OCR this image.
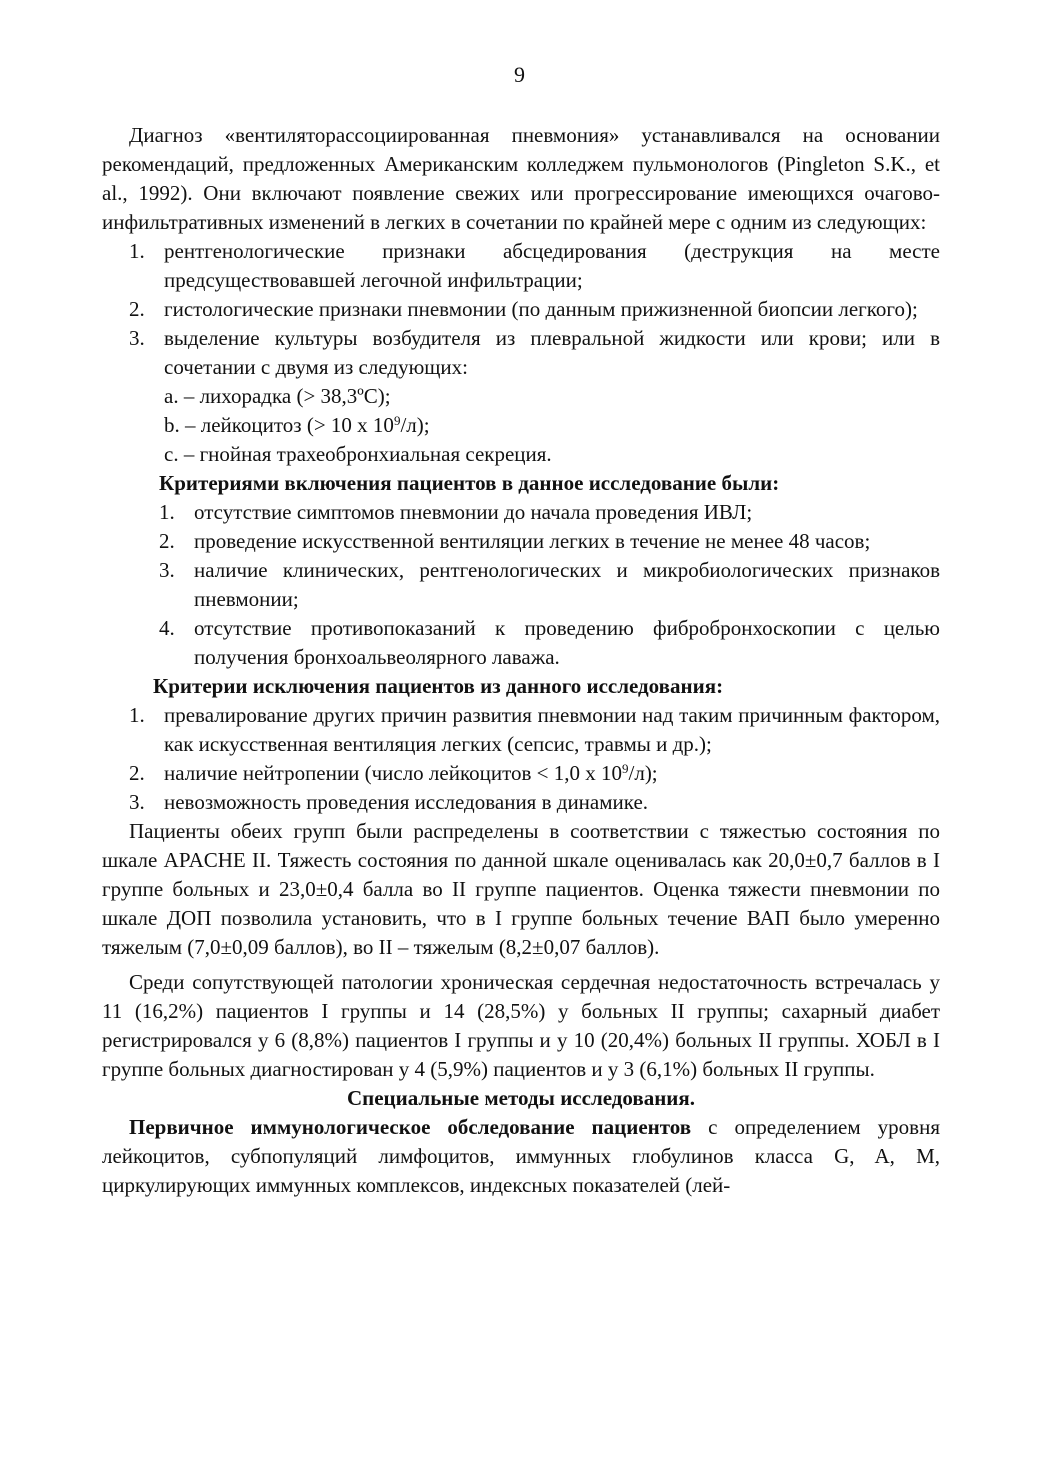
9

Диагноз «вентиляторассоциированная пневмония» устанавливался на основании рекомендаций, предложенных Американским колледжем пульмонологов (Pingleton S.K., et al., 1992). Они включают появление свежих или прогрессирование имеющихся очагово-инфильтративных изменений в легких в сочетании по крайней мере с одним из следующих:

1. рентгенологические признаки абсцедирования (деструкция на месте предсуществовавшей легочной инфильтрации;
2. гистологические признаки пневмонии (по данным прижизненной биопсии легкого);
3. выделение культуры возбудителя из плевральной жидкости или крови; или в сочетании с двумя из следующих:
a. – лихорадка (> 38,3ºС);
b. – лейкоцитоз (> 10 х $10^9/л$);
c. – гнойная трахеобронхиальная секреция.

Критериями включения пациентов в данное исследование были:

1. отсутствие симптомов пневмонии до начала проведения ИВЛ;
2. проведение искусственной вентиляции легких в течение не менее 48 часов;
3. наличие клинических, рентгенологических и микробиологических признаков пневмонии;
4. отсутствие противопоказаний к проведению фибробронхоскопии с целью получения бронхоальвеолярного лаважа.

Критерии исключения пациентов из данного исследования:

1. превалирование других причин развития пневмонии над таким причинным фактором, как искусственная вентиляция легких (сепсис, травмы и др.);
2. наличие нейтропении (число лейкоцитов < 1,0 х $10^9/л$);
3. невозможность проведения исследования в динамике.

Пациенты обеих групп были распределены в соответствии с тяжестью состояния по шкале APACHE II. Тяжесть состояния по данной шкале оценивалась как 20,0±0,7 баллов в I группе больных и 23,0±0,4 балла во II группе пациентов. Оценка тяжести пневмонии по шкале ДОП позволила установить, что в I группе больных течение ВАП было умеренно тяжелым (7,0±0,09 баллов), во II – тяжелым (8,2±0,07 баллов).

Среди сопутствующей патологии хроническая сердечная недостаточность встречалась у 11 (16,2%) пациентов I группы и 14 (28,5%) у больных II группы; сахарный диабет регистрировался у 6 (8,8%) пациентов I группы и у 10 (20,4%) больных II группы. ХОБЛ в I группе больных диагностирован у 4 (5,9%) пациентов и у 3 (6,1%) больных II группы.

Специальные методы исследования.

Первичное иммунологическое обследование пациентов с определением уровня лейкоцитов, субпопуляций лимфоцитов, иммунных глобулинов класса G, A, M, циркулирующих иммунных комплексов, индексных показателей (лей-
